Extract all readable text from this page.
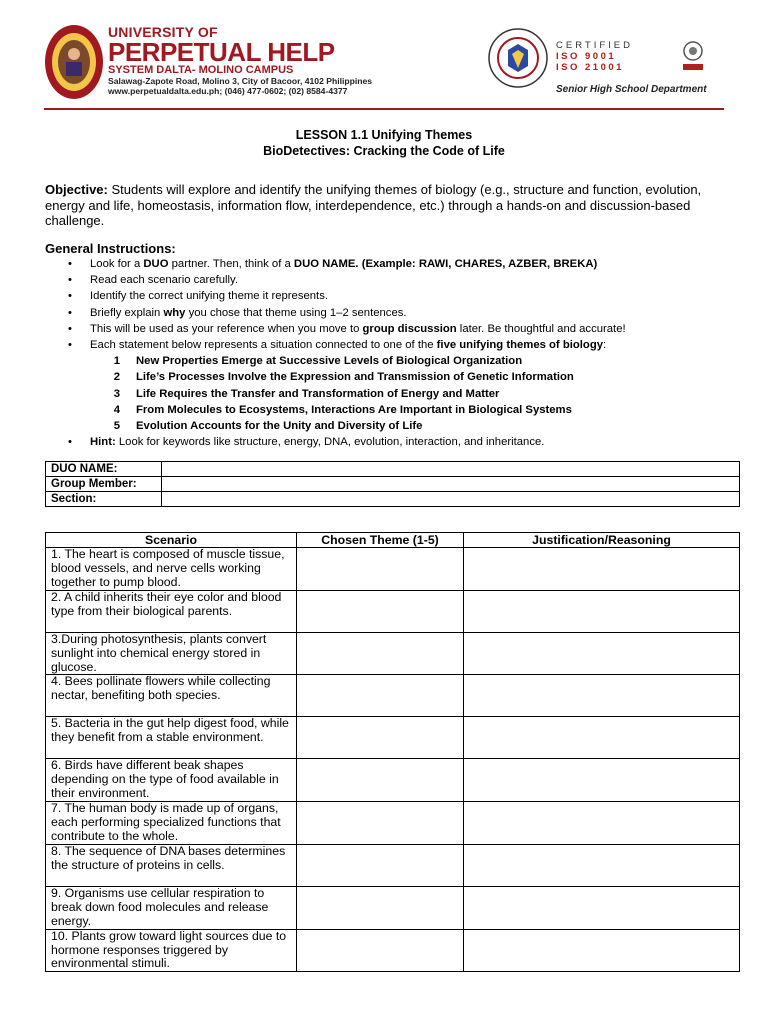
UNIVERSITY OF
PERPETUAL HELP
SYSTEM DALTA- MOLINO CAMPUS
Salawag-Zapote Road, Molino 3, City of Bacoor, 4102 Philippines
www.perpetualdalta.edu.ph; (046) 477-0602; (02) 8584-4377
CERTIFIED
ISO 9001
ISO 21001
Senior High School Department
LESSON 1.1 Unifying Themes
BioDetectives: Cracking the Code of Life
Objective: Students will explore and identify the unifying themes of biology (e.g., structure and function, evolution, energy and life, homeostasis, information flow, interdependence, etc.) through a hands-on and discussion-based challenge.
General Instructions:
• Look for a DUO partner. Then, think of a DUO NAME. (Example: RAWI, CHARES, AZBER, BREKA)
• Read each scenario carefully.
• Identify the correct unifying theme it represents.
• Briefly explain why you chose that theme using 1–2 sentences.
• This will be used as your reference when you move to group discussion later. Be thoughtful and accurate!
• Each statement below represents a situation connected to one of the five unifying themes of biology:
1 New Properties Emerge at Successive Levels of Biological Organization
2 Life’s Processes Involve the Expression and Transmission of Genetic Information
3 Life Requires the Transfer and Transformation of Energy and Matter
4 From Molecules to Ecosystems, Interactions Are Important in Biological Systems
5 Evolution Accounts for the Unity and Diversity of Life
• Hint: Look for keywords like structure, energy, DNA, evolution, interaction, and inheritance.
DUO NAME:	
Group Member:	
Section:	
Scenario	Chosen Theme (1-5)	Justification/Reasoning
1. The heart is composed of muscle tissue, blood vessels, and nerve cells working together to pump blood.		
2. A child inherits their eye color and blood type from their biological parents.		
3.During photosynthesis, plants convert sunlight into chemical energy stored in glucose.		
4. Bees pollinate flowers while collecting nectar, benefiting both species.		
5. Bacteria in the gut help digest food, while they benefit from a stable environment.		
6. Birds have different beak shapes depending on the type of food available in their environment.		
7. The human body is made up of organs, each performing specialized functions that contribute to the whole.		
8. The sequence of DNA bases determines the structure of proteins in cells.		
9. Organisms use cellular respiration to break down food molecules and release energy.		
10. Plants grow toward light sources due to hormone responses triggered by environmental stimuli.		
